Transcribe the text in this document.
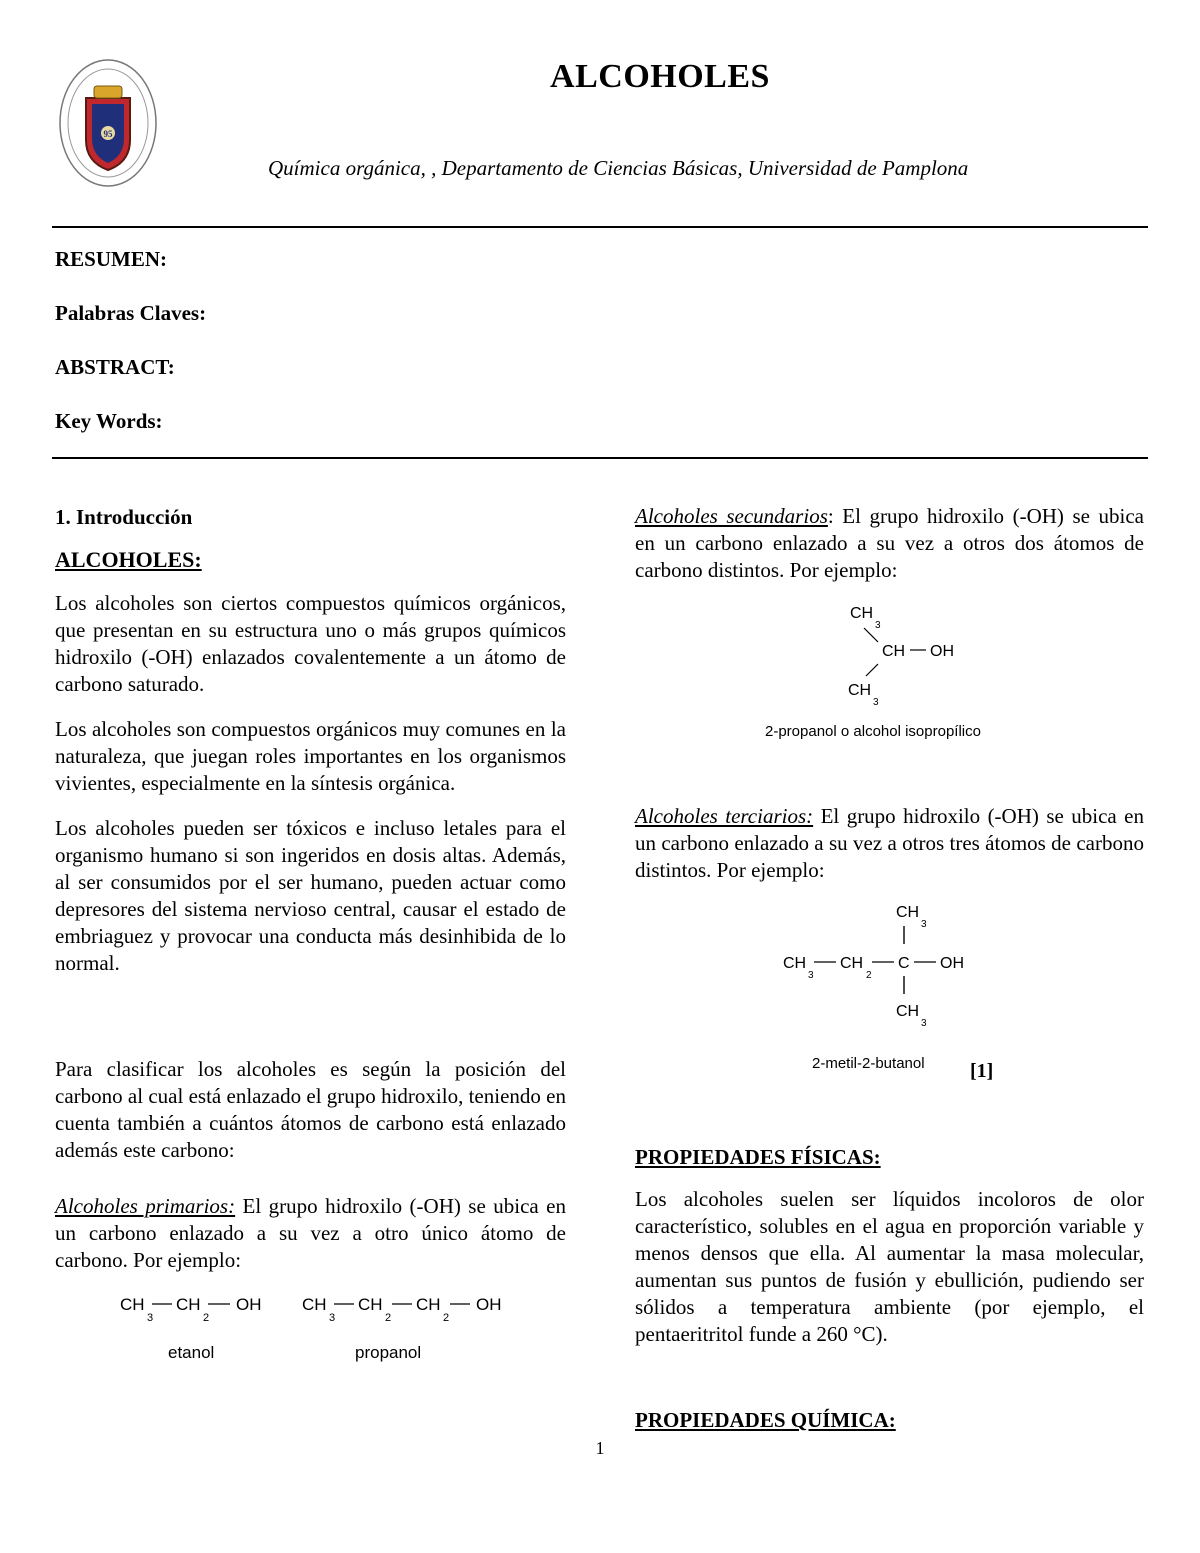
95
ALCOHOLES
Química orgánica, , Departamento de Ciencias Básicas, Universidad de Pamplona
RESUMEN:
Palabras Claves:
ABSTRACT:
Key Words:
1. Introducción
ALCOHOLES:

Los alcoholes son ciertos compuestos químicos orgánicos, que presentan en su estructura uno o más grupos químicos hidroxilo (-OH) enlazados covalentemente a un átomo de carbono saturado.

Los alcoholes son compuestos orgánicos muy comunes en la naturaleza, que juegan roles importantes en los organismos vivientes, especialmente en la síntesis orgánica.

Los alcoholes pueden ser tóxicos e incluso letales para el organismo humano si son ingeridos en dosis altas. Además, al ser consumidos por el ser humano, pueden actuar como depresores del sistema nervioso central, causar el estado de embriaguez y provocar una conducta más desinhibida de lo normal.

Para clasificar los alcoholes es según la posición del carbono al cual está enlazado el grupo hidroxilo, teniendo en cuenta también a cuántos átomos de carbono está enlazado además este carbono:
Alcoholes primarios: El grupo hidroxilo (-OH) se ubica en un carbono enlazado a su vez a otro único átomo de carbono. Por ejemplo:
CH
3
CH
2
OH CH
3
CH
2
CH
2
OH
etanol	propanol
Alcoholes secundarios: El grupo hidroxilo (-OH) se ubica en un carbono enlazado a su vez a otros dos átomos de carbono distintos. Por ejemplo:
CH
3
CH OH
CH
3
2-propanol o alcohol isopropílico
Alcoholes terciarios: El grupo hidroxilo (-OH) se ubica en un carbono enlazado a su vez a otros tres átomos de carbono distintos. Por ejemplo:
CH
3
CH
3
CH
2
C OH
CH
3
2-metil-2-butanol [1]
PROPIEDADES FÍSICAS:
Los alcoholes suelen ser líquidos incoloros de olor característico, solubles en el agua en proporción variable y menos densos que ella. Al aumentar la masa molecular, aumentan sus puntos de fusión y ebullición, pudiendo ser sólidos a temperatura ambiente (por ejemplo, el pentaeritritol funde a 260 °C).
PROPIEDADES QUÍMICA:
1
